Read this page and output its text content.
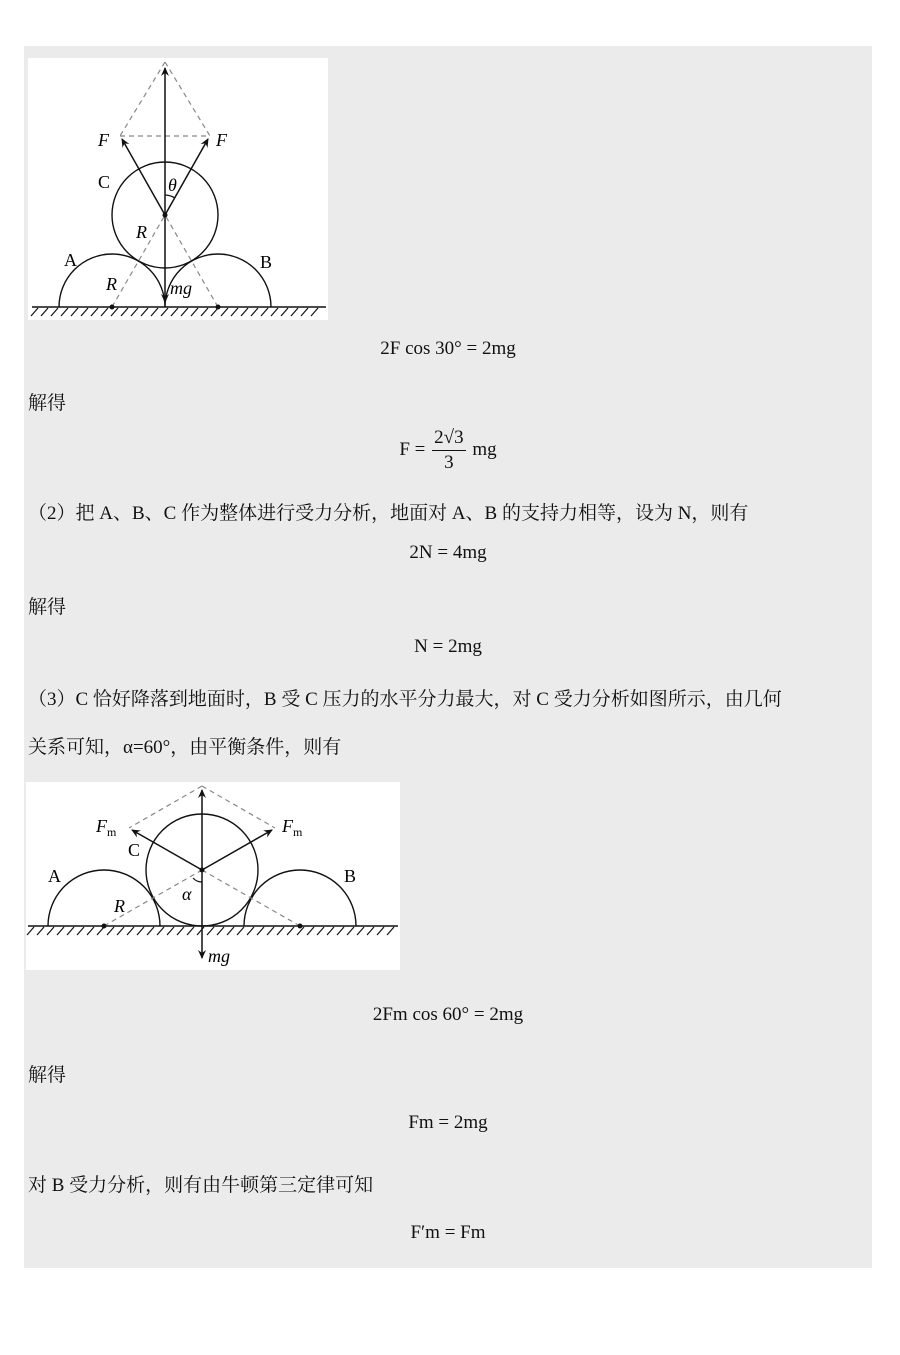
F	F
C	θ
R
A	B
R	mg
2F cos 30° = 2mg
解得
$F = \frac{2√3}{3}$ mg
（2）把 A、B、C 作为整体进行受力分析，地面对 A、B 的支持力相等，设为 N，则有
2N = 4mg
解得
N = 2mg
（3）C 恰好降落到地面时，B 受 C 压力的水平分力最大，对 C 受力分析如图所示，由几何
关系可知，α=60°，由平衡条件，则有
$F_m$	$F_m$
C
A	B
R
α
mg
2Fm cos 60° = 2mg
解得
Fm = 2mg
对 B 受力分析，则有由牛顿第三定律可知
F′m = Fm
